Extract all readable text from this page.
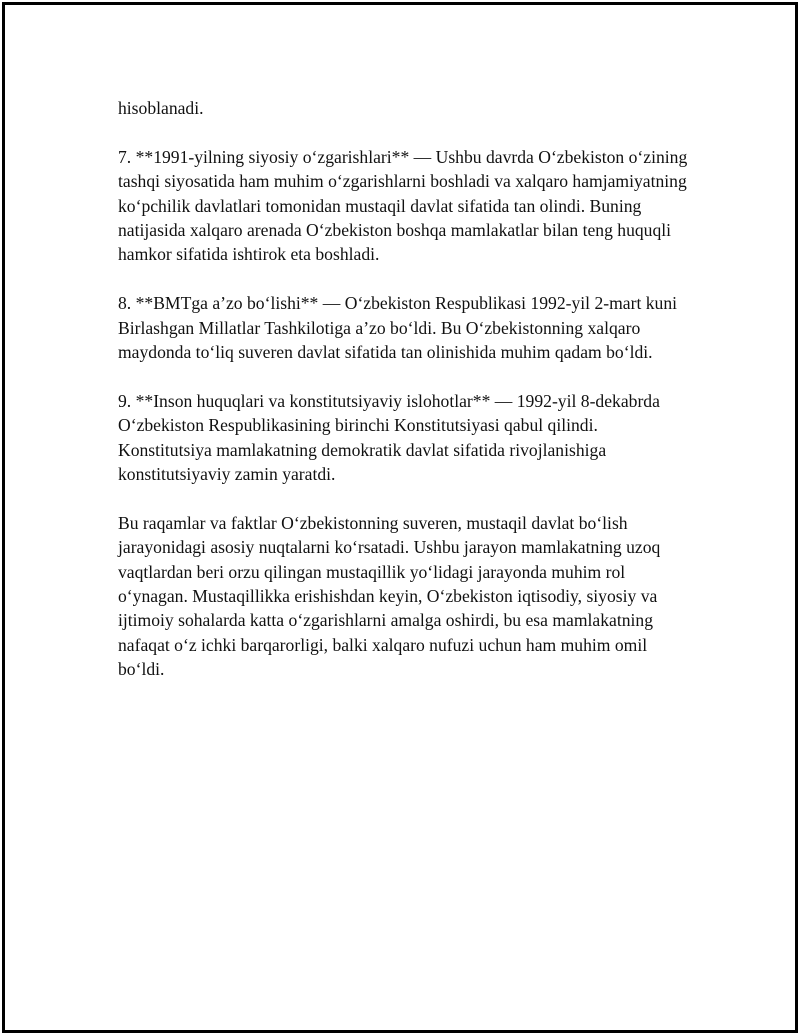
hisoblanadi.

7. **1991-yilning siyosiy o‘zgarishlari** — Ushbu davrda O‘zbekiston o‘zining tashqi siyosatida ham muhim o‘zgarishlarni boshladi va xalqaro hamjamiyatning ko‘pchilik davlatlari tomonidan mustaqil davlat sifatida tan olindi. Buning natijasida xalqaro arenada O‘zbekiston boshqa mamlakatlar bilan teng huquqli hamkor sifatida ishtirok eta boshladi.

8. **BMTga a’zo bo‘lishi** — O‘zbekiston Respublikasi 1992-yil 2-mart kuni Birlashgan Millatlar Tashkilotiga a’zo bo‘ldi. Bu O‘zbekistonning xalqaro maydonda to‘liq suveren davlat sifatida tan olinishida muhim qadam bo‘ldi.

9. **Inson huquqlari va konstitutsiyaviy islohotlar** — 1992-yil 8-dekabrda O‘zbekiston Respublikasining birinchi Konstitutsiyasi qabul qilindi. Konstitutsiya mamlakatning demokratik davlat sifatida rivojlanishiga konstitutsiyaviy zamin yaratdi.

Bu raqamlar va faktlar O‘zbekistonning suveren, mustaqil davlat bo‘lish jarayonidagi asosiy nuqtalarni ko‘rsatadi. Ushbu jarayon mamlakatning uzoq vaqtlardan beri orzu qilingan mustaqillik yo‘lidagi jarayonda muhim rol o‘ynagan. Mustaqillikka erishishdan keyin, O‘zbekiston iqtisodiy, siyosiy va ijtimoiy sohalarda katta o‘zgarishlarni amalga oshirdi, bu esa mamlakatning nafaqat o‘z ichki barqarorligi, balki xalqaro nufuzi uchun ham muhim omil bo‘ldi.
